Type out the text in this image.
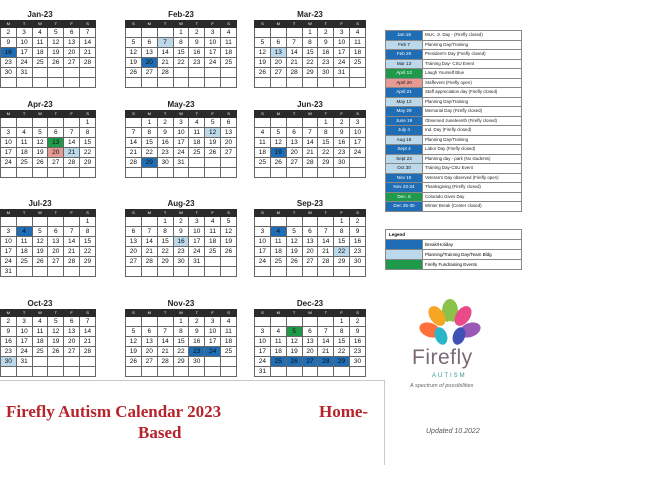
Jan-23
	M	T	W	T	F	S
	2	3	4	5	6	7
	9	10	11	12	13	14
	16	17	18	19	20	21
	23	24	25	26	27	28
	30	31				

Feb-23
S	M	T	W	T	F	S
			1	2	3	4
5	6	7	8	9	10	11
12	13	14	15	16	17	18
19	20	21	22	23	24	25
26	27	28				

Mar-23
S	M	T	W	T	F	S
			1	2	3	4
5	6	7	8	9	10	11
12	13	14	15	16	17	18
19	20	21	22	23	24	25
26	27	28	29	30	31	

Apr-23
	M	T	W	T	F	S
						1
	3	4	5	6	7	8
	10	11	12	13	14	15
	17	18	19	20	21	22
	24	25	26	27	28	29

May-23
S	M	T	W	T	F	S
	1	2	3	4	5	6
7	8	9	10	11	12	13
14	15	16	17	18	19	20
21	22	23	24	25	26	27
28	29	30	31			

Jun-23
S	M	T	W	T	F	S
				1	2	3
4	5	6	7	8	9	10
11	12	13	14	15	16	17
18	19	20	21	22	23	24
25	26	27	28	29	30	

Jul-23
	M	T	W	T	F	S
						1
	3	4	5	6	7	8
	10	11	12	13	14	15
	17	18	19	20	21	22
	24	25	26	27	28	29
	31					
Aug-23
S	M	T	W	T	F	S
		1	2	3	4	5
6	7	8	9	10	11	12
13	14	15	16	17	18	19
20	21	22	23	24	25	26
27	28	29	30	31		

Sep-23
S	M	T	W	T	F	S
					1	2
3	4	5	6	7	8	9
10	11	12	13	14	15	16
17	18	19	20	21	22	23
24	25	26	27	28	29	30

Oct-23
	M	T	W	T	F	S
	2	3	4	5	6	7
	9	10	11	12	13	14
	16	17	18	19	20	21
	23	24	25	26	27	28
	30	31				

Nov-23
S	M	T	W	T	F	S
			1	2	3	4
5	6	7	8	9	10	11
12	13	14	15	16	17	18
19	20	21	22	23	24	25
26	27	28	29	30		

Dec-23
S	M	T	W	T	F	S
					1	2
3	4	5	6	7	8	9
10	11	12	13	14	15	16
17	18	19	20	21	22	23
24	25	26	27	28	29	30
31						
Jan 16	MLK, Jr. Day - (Firefly closed)
Feb 7	Planning Day/Training
Feb 20	President's Day (Firefly closed)
Mar 13	Training Day- CSU Event
April 13	Laugh Yourself Blue
April 20	Staffevent (Firefly open)
April 21	Staff appreciation day (Firefly closed)
May 12	Planning Day/Training
May 29	Memorial Day (Firefly closed)
June 19	Observed Juneteenth (Firefly closed)
July 4	Ind. Day (Firefly closed)
Aug 16	Planning Day/Training
Sept 4	Labor Day (Firefly closed)
Sept 22	Planning day - park (No students)
Oct 30	Training Day-CSU Event
Nov 10	Veteran's Day observed (Firefly open)
Nov 23-24	Thanksgiving (Firefly closed)
Dec. 5	Colorado Gives Day
Dec 25-30	Winter Break (Center closed)
Legend	
	Break/Holiday
	Planning/Training Day/Team Bldg
	Firefly Fundraising Events
Firefly
AUTISM
A spectrum of possibilities
Firefly Autism Calendar 2023	Home-
Based	Updated 10.2022
